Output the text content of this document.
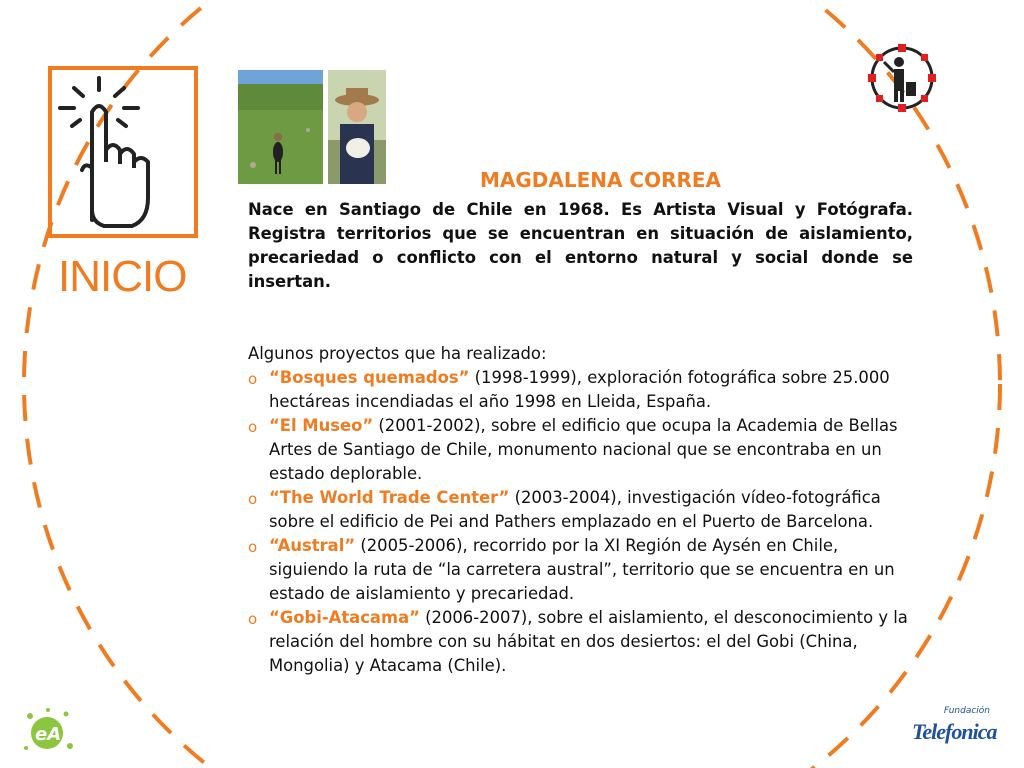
INICIO
MAGDALENA CORREA

Nace en Santiago de Chile en 1968. Es Artista Visual y Fotógrafa. Registra territorios que se encuentran en situación de aislamiento, precariedad o conflicto con el entorno natural y social donde se insertan.

Algunos proyectos que ha realizado:
o “Bosques quemados” (1998-1999), exploración fotográfica sobre 25.000 hectáreas incendiadas el año 1998 en Lleida, España.
o “El Museo” (2001-2002), sobre el edificio que ocupa la Academia de Bellas Artes de Santiago de Chile, monumento nacional que se encontraba en un estado deplorable.
o “The World Trade Center” (2003-2004), investigación vídeo-fotográfica sobre el edificio de Pei and Pathers emplazado en el Puerto de Barcelona.
o “Austral” (2005-2006), recorrido por la XI Región de Aysén en Chile, siguiendo la ruta de “la carretera austral”, territorio que se encuentra en un estado de aislamiento y precariedad.
o “Gobi-Atacama” (2006-2007), sobre el aislamiento, el desconocimiento y la relación del hombre con su hábitat en dos desiertos: el del Gobi (China, Mongolia) y Atacama (Chile).
eA
Fundación
Telefonica
